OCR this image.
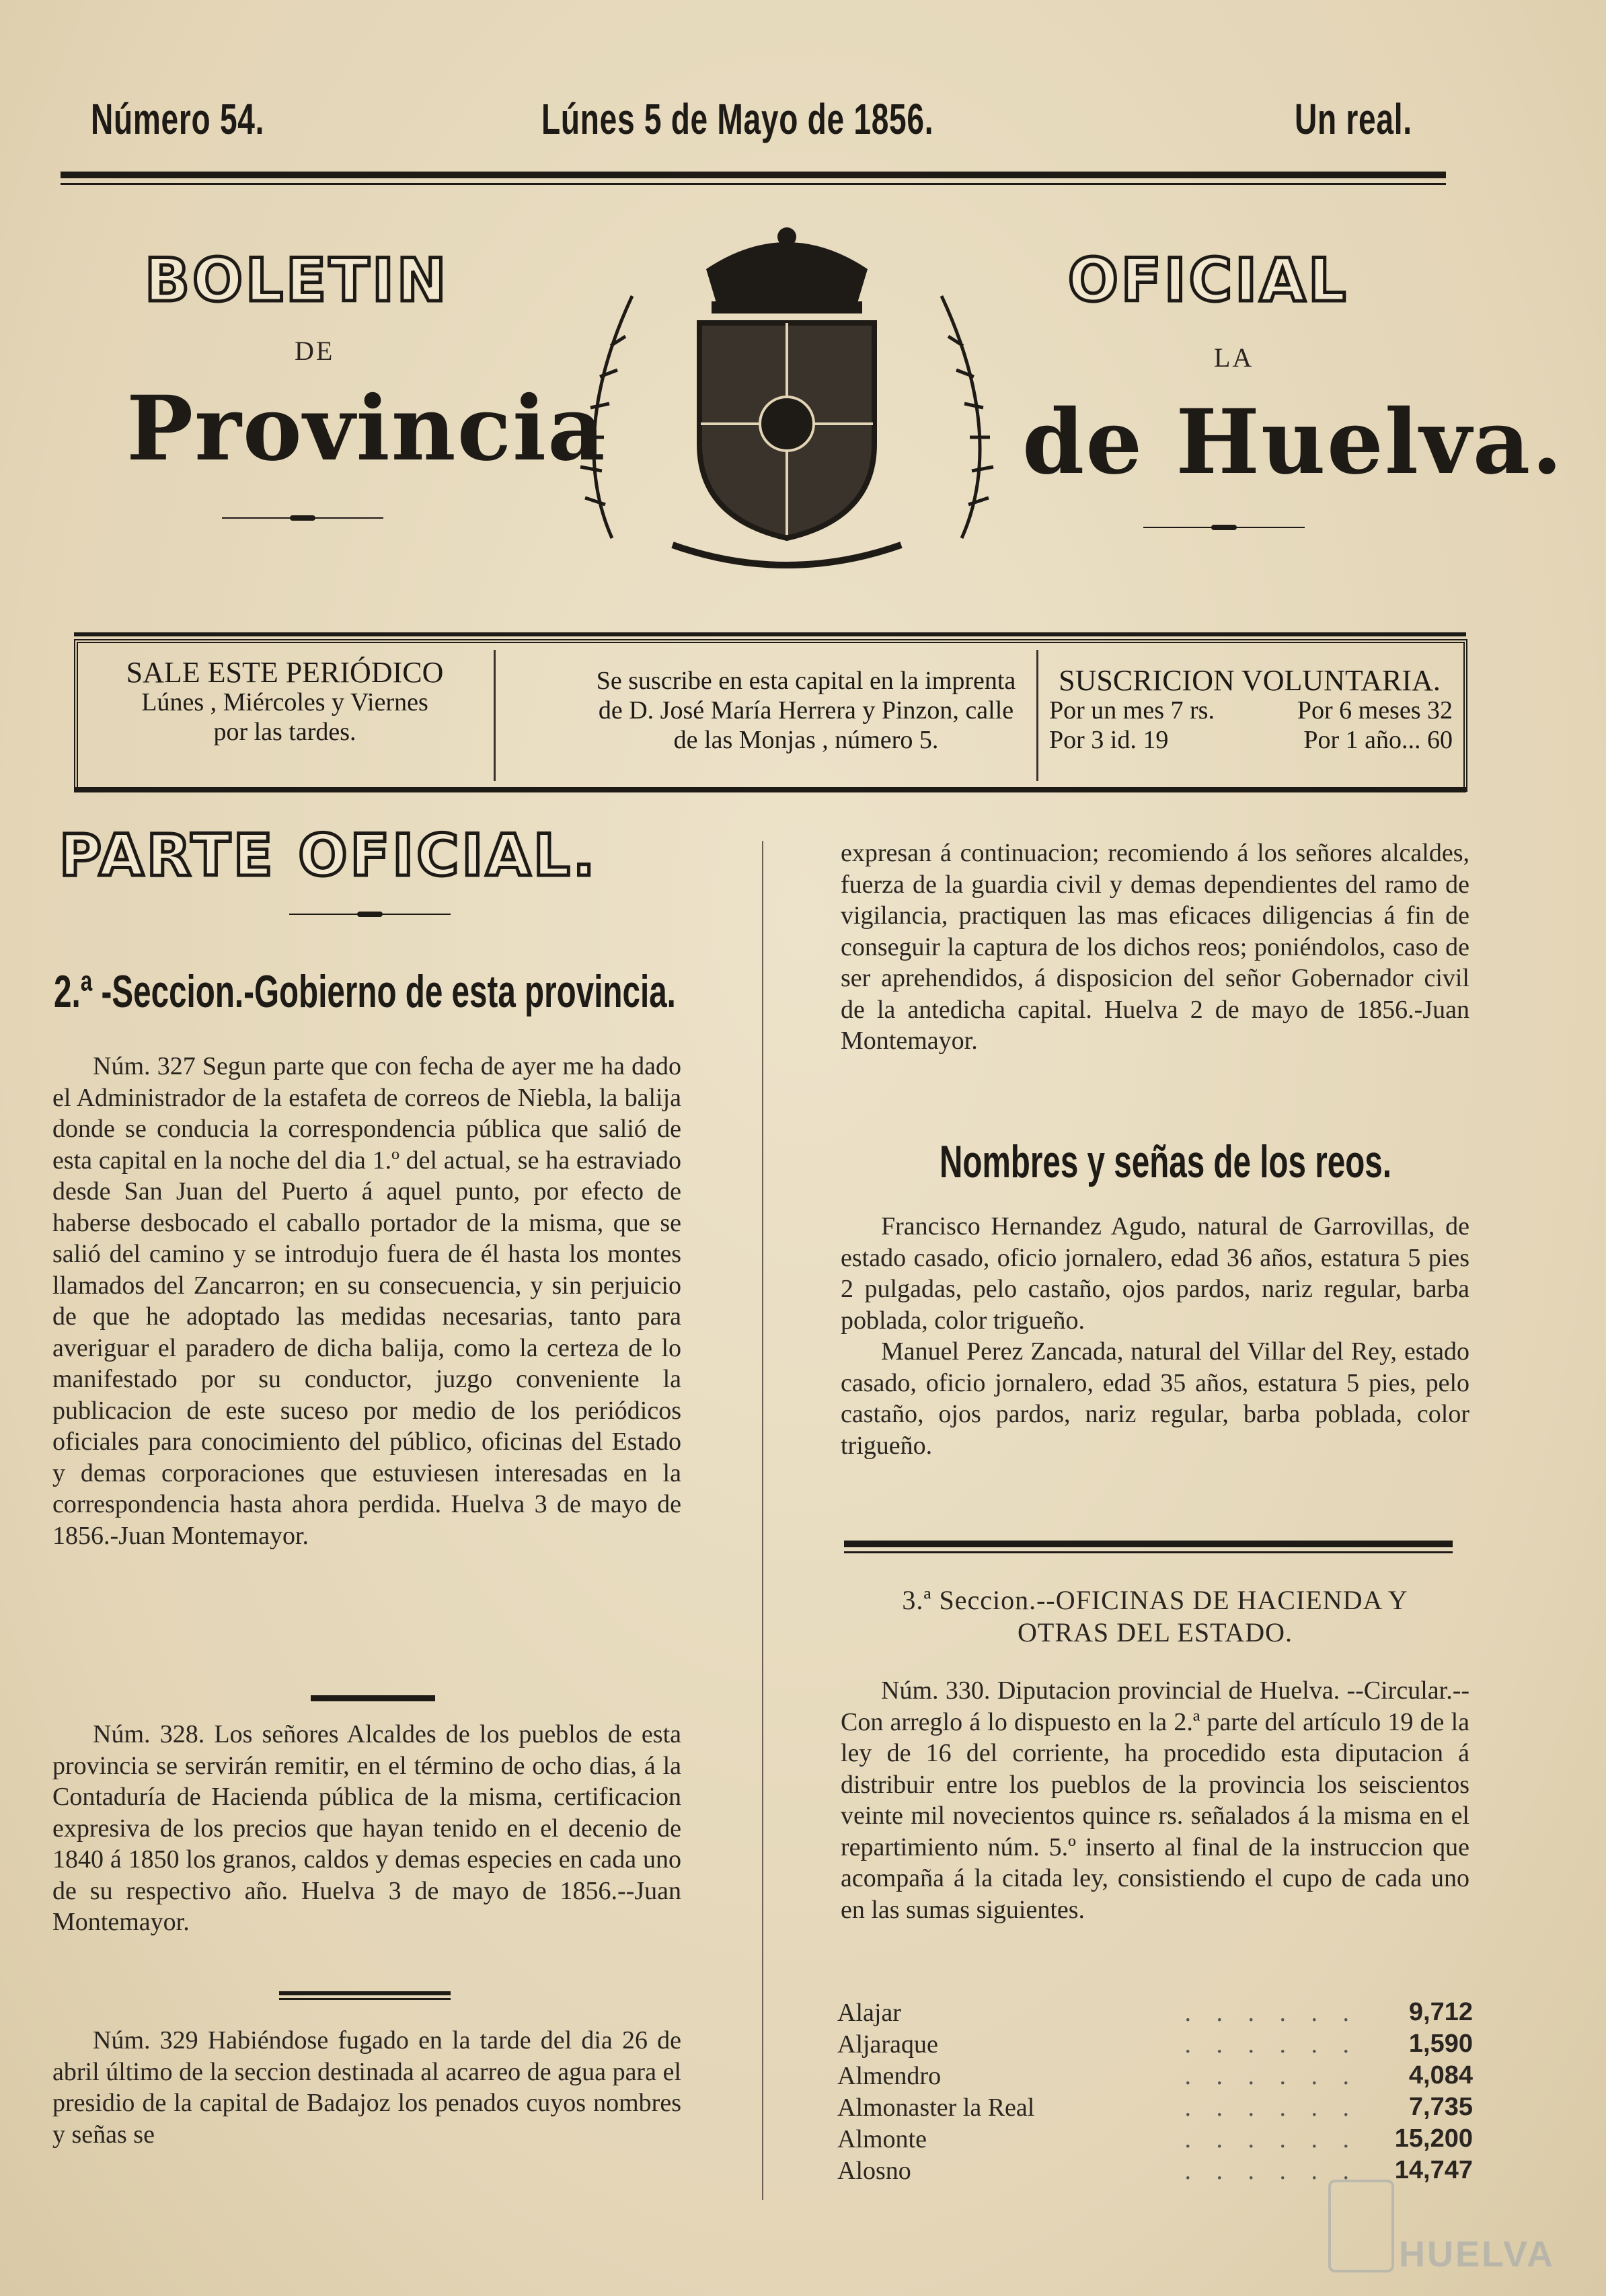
Número 54.	Lúnes 5 de Mayo de 1856.	Un real.
BOLETIN
DE
Provincia
OFICIAL
LA
de Huelva.
SALE ESTE PERIÓDICO
Lúnes , Miércoles y Viernes
por las tardes.
Se suscribe en esta capital en la imprenta
de D. José María Herrera y Pinzon, calle
de las Monjas , número 5.
SUSCRICION VOLUNTARIA.
Por un mes 7 rs.	Por 6 meses 32
Por 3 id. 19	Por 1 año... 60
PARTE OFICIAL.
2.ª -Seccion.-Gobierno de esta provincia.

Núm. 327 Segun parte que con fecha de ayer me ha dado el Administrador de la estafeta de correos de Niebla, la balija donde se conducia la correspondencia pública que salió de esta capital en la noche del dia 1.º del actual, se ha estraviado desde San Juan del Puerto á aquel punto, por efecto de haberse desbocado el caballo portador de la misma, que se salió del camino y se introdujo fuera de él hasta los montes llamados del Zancarron; en su consecuencia, y sin perjuicio de que he adoptado las medidas necesarias, tanto para averiguar el paradero de dicha balija, como la certeza de lo manifestado por su conductor, juzgo conveniente la publicacion de este suceso por medio de los periódicos oficiales para conocimiento del público, oficinas del Estado y demas corporaciones que estuviesen interesadas en la correspondencia hasta ahora perdida. Huelva 3 de mayo de 1856.-Juan Montemayor.

Núm. 328. Los señores Alcaldes de los pueblos de esta provincia se servirán remitir, en el término de ocho dias, á la Contaduría de Hacienda pública de la misma, certificacion expresiva de los precios que hayan tenido en el decenio de 1840 á 1850 los granos, caldos y demas especies en cada uno de su respectivo año. Huelva 3 de mayo de 1856.--Juan Montemayor.

Núm. 329 Habiéndose fugado en la tarde del dia 26 de abril último de la seccion destinada al acarreo de agua para el presidio de la capital de Badajoz los penados cuyos nombres y señas se

expresan á continuacion; recomiendo á los señores alcaldes, fuerza de la guardia civil y demas dependientes del ramo de vigilancia, practiquen las mas eficaces diligencias á fin de conseguir la captura de los dichos reos; poniéndolos, caso de ser aprehendidos, á disposicion del señor Gobernador civil de la antedicha capital. Huelva 2 de mayo de 1856.-Juan Montemayor.

Nombres y señas de los reos.

Francisco Hernandez Agudo, natural de Garrovillas, de estado casado, oficio jornalero, edad 36 años, estatura 5 pies 2 pulgadas, pelo castaño, ojos pardos, nariz regular, barba poblada, color trigueño.

Manuel Perez Zancada, natural del Villar del Rey, estado casado, oficio jornalero, edad 35 años, estatura 5 pies, pelo castaño, ojos pardos, nariz regular, barba poblada, color trigueño.

3.ª Seccion.--OFICINAS DE HACIENDA Y
OTRAS DEL ESTADO.

Núm. 330. Diputacion provincial de Huelva. --Circular.--Con arreglo á lo dispuesto en la 2.ª parte del artículo 19 de la ley de 16 del corriente, ha procedido esta diputacion á distribuir entre los pueblos de la provincia los seiscientos veinte mil novecientos quince rs. señalados á la misma en el repartimiento núm. 5.º inserto al final de la instruccion que acompaña á la citada ley, consistiendo el cupo de cada uno en las sumas siguientes.

Alajar	. . . . . . 9,712
Aljaraque	. . . . . . 1,590
Almendro	. . . . . . 4,084
Almonaster la Real	. . . . . . 7,735
Almonte	. . . . . . 15,200
Alosno	. . . . . . 14,747
HUELVA
